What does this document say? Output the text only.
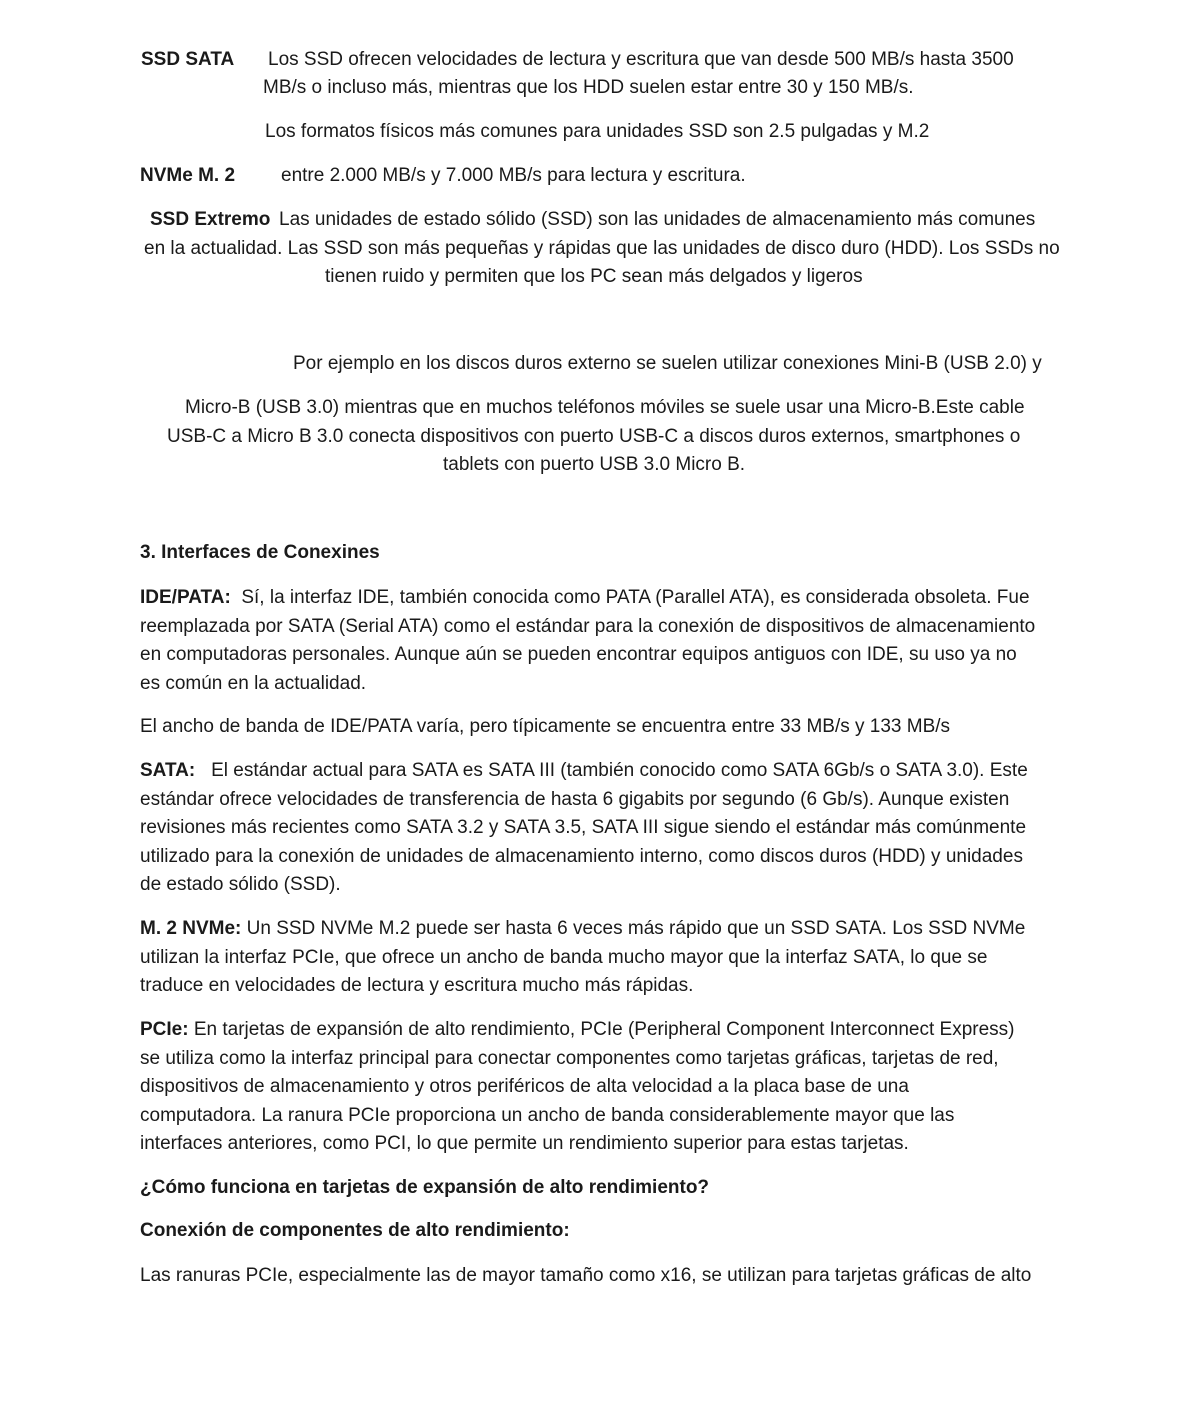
SSD SATA Los SSD ofrecen velocidades de lectura y escritura que van desde 500 MB/s hasta 3500
MB/s o incluso más, mientras que los HDD suelen estar entre 30 y 150 MB/s.
Los formatos físicos más comunes para unidades SSD son 2.5 pulgadas y M.2
NVMe M. 2 entre 2.000 MB/s y 7.000 MB/s para lectura y escritura.
SSD Extremo Las unidades de estado sólido (SSD) son las unidades de almacenamiento más comunes
en la actualidad. Las SSD son más pequeñas y rápidas que las unidades de disco duro (HDD). Los SSDs no
tienen ruido y permiten que los PC sean más delgados y ligeros
Por ejemplo en los discos duros externo se suelen utilizar conexiones Mini-B (USB 2.0) y
Micro-B (USB 3.0) mientras que en muchos teléfonos móviles se suele usar una Micro-B.Este cable
USB-C a Micro B 3.0 conecta dispositivos con puerto USB-C a discos duros externos, smartphones o
tablets con puerto USB 3.0 Micro B.
3. Interfaces de Conexines

IDE/PATA: Sí, la interfaz IDE, también conocida como PATA (Parallel ATA), es considerada obsoleta. Fue

reemplazada por SATA (Serial ATA) como el estándar para la conexión de dispositivos de almacenamiento

en computadoras personales. Aunque aún se pueden encontrar equipos antiguos con IDE, su uso ya no

es común en la actualidad.

El ancho de banda de IDE/PATA varía, pero típicamente se encuentra entre 33 MB/s y 133 MB/s

SATA: El estándar actual para SATA es SATA III (también conocido como SATA 6Gb/s o SATA 3.0). Este

estándar ofrece velocidades de transferencia de hasta 6 gigabits por segundo (6 Gb/s). Aunque existen

revisiones más recientes como SATA 3.2 y SATA 3.5, SATA III sigue siendo el estándar más comúnmente

utilizado para la conexión de unidades de almacenamiento interno, como discos duros (HDD) y unidades

de estado sólido (SSD).

M. 2 NVMe: Un SSD NVMe M.2 puede ser hasta 6 veces más rápido que un SSD SATA. Los SSD NVMe

utilizan la interfaz PCIe, que ofrece un ancho de banda mucho mayor que la interfaz SATA, lo que se

traduce en velocidades de lectura y escritura mucho más rápidas.

PCIe: En tarjetas de expansión de alto rendimiento, PCIe (Peripheral Component Interconnect Express)

se utiliza como la interfaz principal para conectar componentes como tarjetas gráficas, tarjetas de red,

dispositivos de almacenamiento y otros periféricos de alta velocidad a la placa base de una

computadora. La ranura PCIe proporciona un ancho de banda considerablemente mayor que las

interfaces anteriores, como PCI, lo que permite un rendimiento superior para estas tarjetas.

¿Cómo funciona en tarjetas de expansión de alto rendimiento?
Conexión de componentes de alto rendimiento:
Las ranuras PCIe, especialmente las de mayor tamaño como x16, se utilizan para tarjetas gráficas de alto
